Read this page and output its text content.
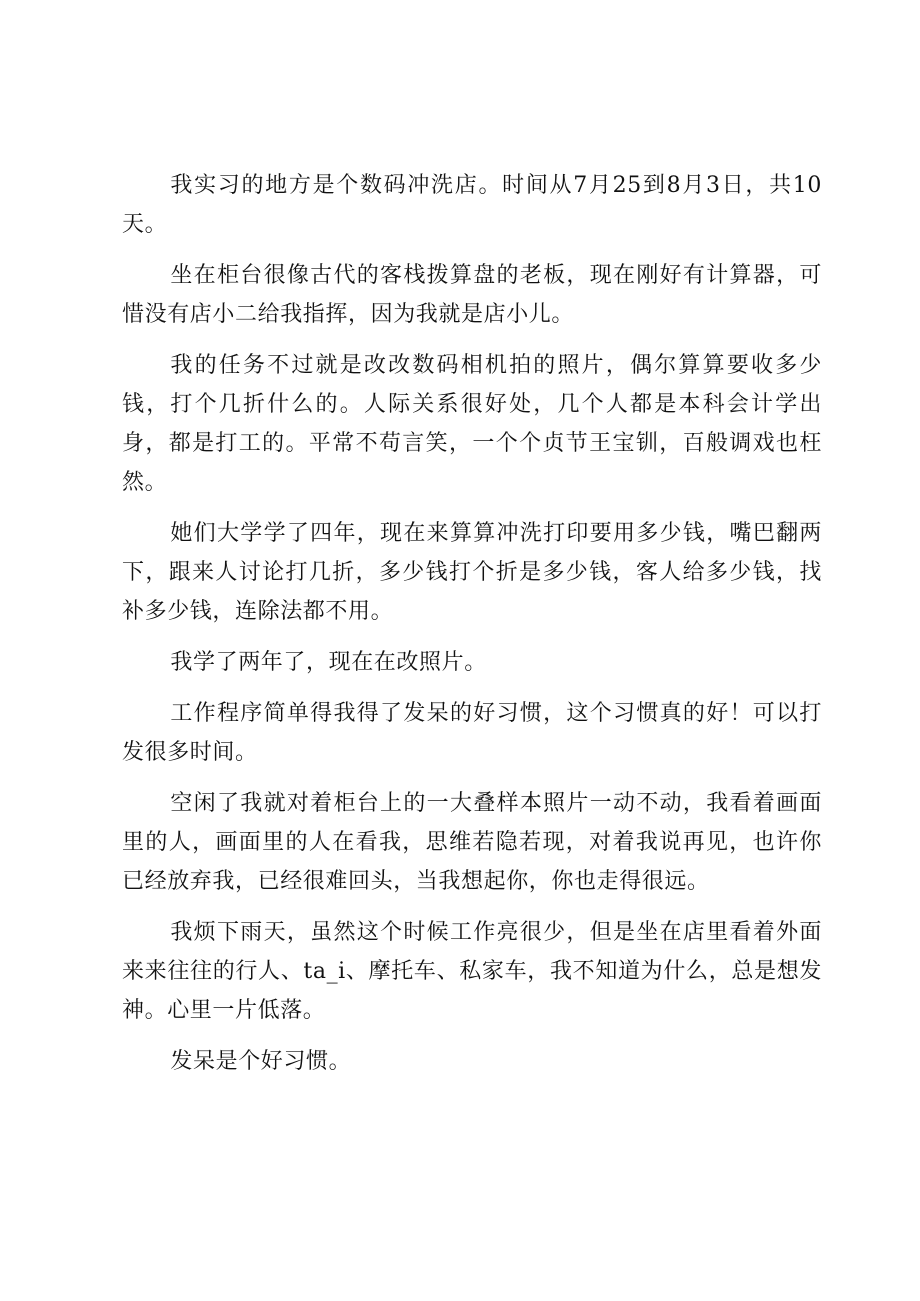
我实习的地方是个数码冲洗店。时间从7月25到8月3日，共10天。

坐在柜台很像古代的客栈拨算盘的老板，现在刚好有计算器，可惜没有店小二给我指挥，因为我就是店小儿。

我的任务不过就是改改数码相机拍的照片，偶尔算算要收多少钱，打个几折什么的。人际关系很好处，几个人都是本科会计学出身，都是打工的。平常不苟言笑，一个个贞节王宝钏，百般调戏也枉然。

她们大学学了四年，现在来算算冲洗打印要用多少钱，嘴巴翻两下，跟来人讨论打几折，多少钱打个折是多少钱，客人给多少钱，找补多少钱，连除法都不用。

我学了两年了，现在在改照片。

工作程序简单得我得了发呆的好习惯，这个习惯真的好！可以打发很多时间。

空闲了我就对着柜台上的一大叠样本照片一动不动，我看着画面里的人，画面里的人在看我，思维若隐若现，对着我说再见，也许你已经放弃我，已经很难回头，当我想起你，你也走得很远。

我烦下雨天，虽然这个时候工作亮很少，但是坐在店里看着外面来来往往的行人、ta_i、摩托车、私家车，我不知道为什么，总是想发神。心里一片低落。

发呆是个好习惯。
